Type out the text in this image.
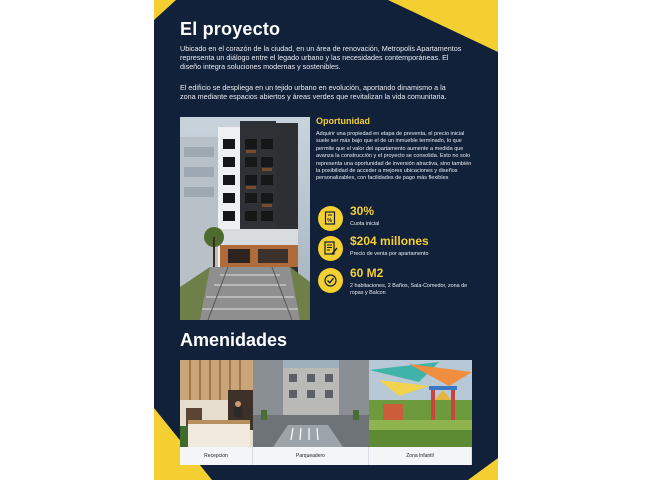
El proyecto

Ubicado en el corazón de la ciudad, en un área de renovación, Metropolis Apartamentos representa un diálogo entre el legado urbano y las necesidades contemporáneas. El diseño integra soluciones modernas y sostenibles.

El edificio se despliega en un tejido urbano en evolución, aportando dinamismo a la zona mediante espacios abiertos y áreas verdes que revitalizan la vida comunitaria.

Oportunidad

Adquirir una propiedad en etapa de preventa, el precio inicial suele ser más bajo que el de un inmueble terminado, lo que permite que el valor del apartamento aumente a medida que avanza la construcción y el proyecto se consolida. Esto no solo representa una oportunidad de inversión atractiva, sino también la posibilidad de acceder a mejores ubicaciones y diseños personalizables, con facilidades de pago más flexibles

%
30%
Cuota inicial
$204 millones
Precio de venta por apartamento
60 M2
2 habitaciones, 2 Baños, Sala-Comedor, zona de ropas y Balcon
Amenidades
Recepcion	Parqueadero	Zona Infantil
